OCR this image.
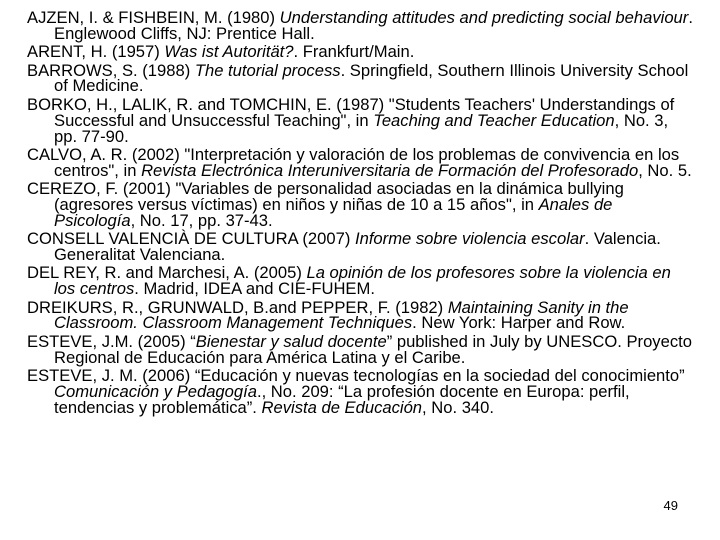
AJZEN, I. & FISHBEIN, M. (1980) Understanding attitudes and predicting social behaviour. Englewood Cliffs, NJ: Prentice Hall.

ARENT, H. (1957) Was ist Autorität?. Frankfurt/Main.

BARROWS, S. (1988) The tutorial process. Springfield, Southern Illinois University School of Medicine.

BORKO, H., LALIK, R. and TOMCHIN, E. (1987) "Students Teachers' Understandings of Successful and Unsuccessful Teaching", in Teaching and Teacher Education, No. 3, pp. 77-90.

CALVO, A. R. (2002) "Interpretación y valoración de los problemas de convivencia en los centros", in Revista Electrónica Interuniversitaria de Formación del Profesorado, No. 5.

CEREZO, F. (2001) "Variables de personalidad asociadas en la dinámica bullying (agresores versus víctimas) en niños y niñas de 10 a 15 años", in Anales de Psicología, No. 17, pp. 37-43.

CONSELL VALENCIÀ DE CULTURA (2007) Informe sobre violencia escolar. Valencia. Generalitat Valenciana.

DEL REY, R. and Marchesi, A. (2005) La opinión de los profesores sobre la violencia en los centros. Madrid, IDEA and CIE-FUHEM.

DREIKURS, R., GRUNWALD, B.and PEPPER, F. (1982) Maintaining Sanity in the Classroom. Classroom Management Techniques. New York: Harper and Row.

ESTEVE, J.M. (2005) “Bienestar y salud docente” published in July by UNESCO. Proyecto Regional de Educación para América Latina y el Caribe.

ESTEVE, J. M. (2006) “Educación y nuevas tecnologías en la sociedad del conocimiento” Comunicación y Pedagogía., No. 209: “La profesión docente en Europa: perfil, tendencias y problemática”. Revista de Educación, No. 340.

49
